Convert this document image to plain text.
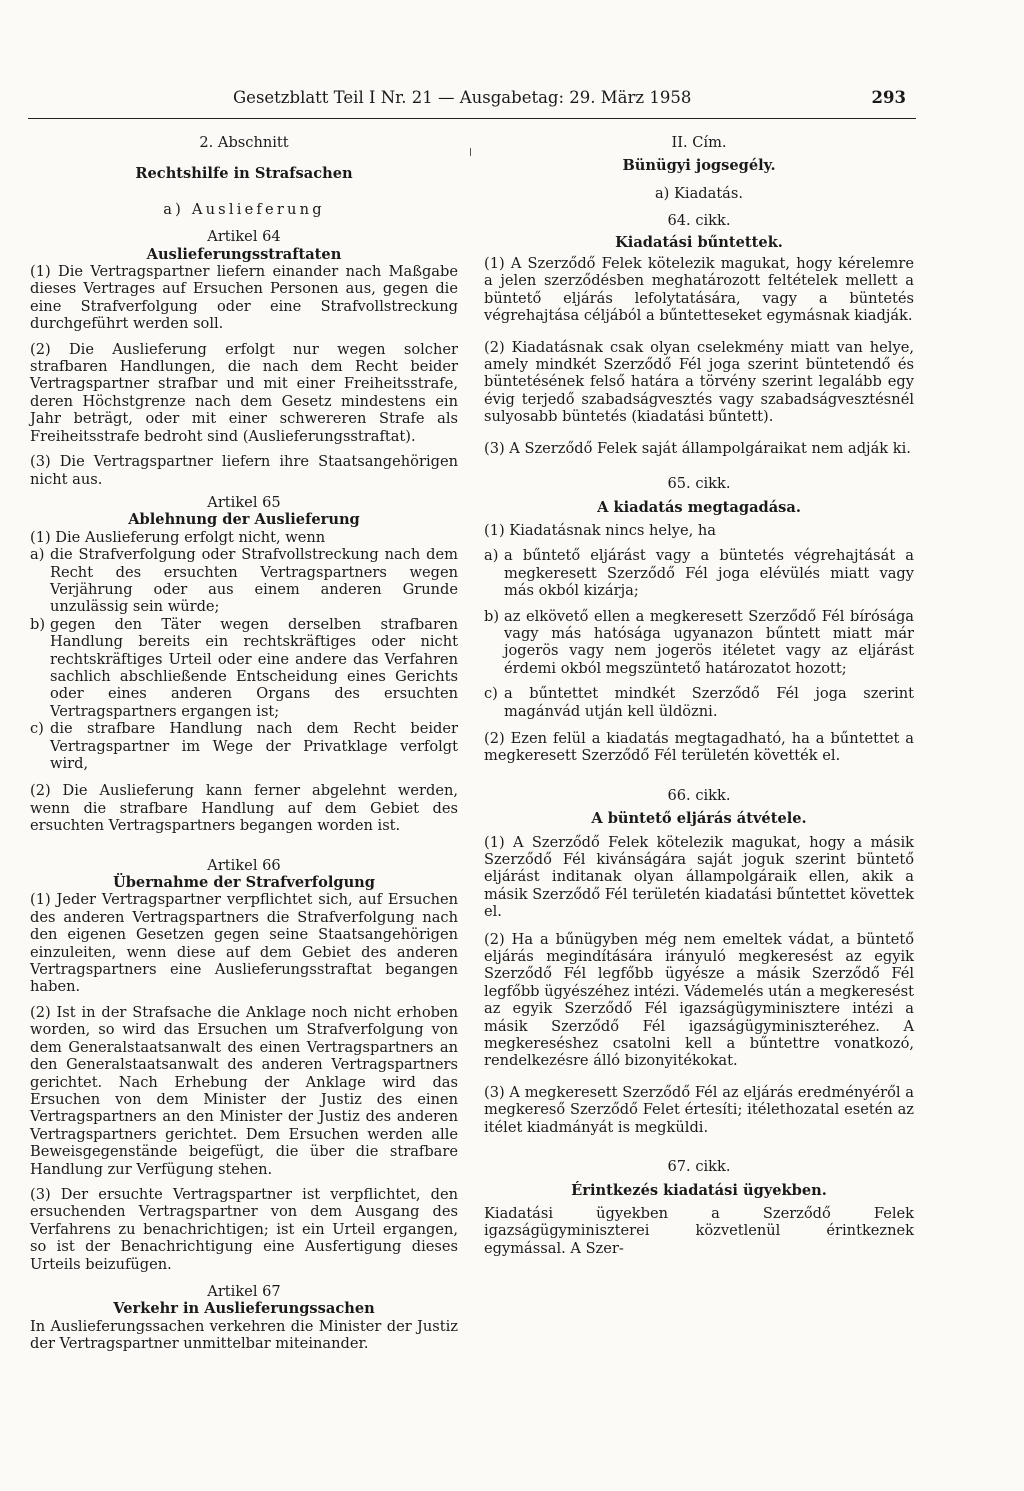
Gesetzblatt Teil I Nr. 21 — Ausgabetag: 29. März 1958	293
2. Abschnitt
Rechtshilfe in Strafsachen
a) Auslieferung
Artikel 64
Auslieferungsstraftaten

(1) Die Vertragspartner liefern einander nach Maßgabe dieses Vertrages auf Ersuchen Personen aus, gegen die eine Strafverfolgung oder eine Strafvollstreckung durchgeführt werden soll.

(2) Die Auslieferung erfolgt nur wegen solcher strafbaren Handlungen, die nach dem Recht beider Vertragspartner strafbar und mit einer Freiheitsstrafe, deren Höchstgrenze nach dem Gesetz mindestens ein Jahr beträgt, oder mit einer schwereren Strafe als Freiheitsstrafe bedroht sind (Auslieferungsstraftat).

(3) Die Vertragspartner liefern ihre Staatsangehörigen nicht aus.

Artikel 65
Ablehnung der Auslieferung

(1) Die Auslieferung erfolgt nicht, wenn

a) die Strafverfolgung oder Strafvollstreckung nach dem Recht des ersuchten Vertragspartners wegen Verjährung oder aus einem anderen Grunde unzulässig sein würde;
b) gegen den Täter wegen derselben strafbaren Handlung bereits ein rechtskräftiges oder nicht rechtskräftiges Urteil oder eine andere das Verfahren sachlich abschließende Entscheidung eines Gerichts oder eines anderen Organs des ersuchten Vertragspartners ergangen ist;
c) die strafbare Handlung nach dem Recht beider Vertragspartner im Wege der Privatklage verfolgt wird,

(2) Die Auslieferung kann ferner abgelehnt werden, wenn die strafbare Handlung auf dem Gebiet des ersuchten Vertragspartners begangen worden ist.

Artikel 66
Übernahme der Strafverfolgung

(1) Jeder Vertragspartner verpflichtet sich, auf Ersuchen des anderen Vertragspartners die Strafverfolgung nach den eigenen Gesetzen gegen seine Staatsangehörigen einzuleiten, wenn diese auf dem Gebiet des anderen Vertragspartners eine Auslieferungsstraftat begangen haben.

(2) Ist in der Strafsache die Anklage noch nicht erhoben worden, so wird das Ersuchen um Strafverfolgung von dem Generalstaatsanwalt des einen Vertragspartners an den Generalstaatsanwalt des anderen Vertragspartners gerichtet. Nach Erhebung der Anklage wird das Ersuchen von dem Minister der Justiz des einen Vertragspartners an den Minister der Justiz des anderen Vertragspartners gerichtet. Dem Ersuchen werden alle Beweisgegenstände beigefügt, die über die strafbare Handlung zur Verfügung stehen.

(3) Der ersuchte Vertragspartner ist verpflichtet, den ersuchenden Vertragspartner von dem Ausgang des Verfahrens zu benachrichtigen; ist ein Urteil ergangen, so ist der Benachrichtigung eine Ausfertigung dieses Urteils beizufügen.

Artikel 67
Verkehr in Auslieferungssachen

In Auslieferungssachen verkehren die Minister der Justiz der Vertragspartner unmittelbar miteinander.

II. Cím.
Bünügyi jogsegély.
a) Kiadatás.
64. cikk.
Kiadatási bűntettek.

(1) A Szerződő Felek kötelezik magukat, hogy kérelemre a jelen szerződésben meghatározott feltételek mellett a büntető eljárás lefolytatására, vagy a büntetés végrehajtása céljából a bűntetteseket egymásnak kiadják.

(2) Kiadatásnak csak olyan cselekmény miatt van helye, amely mindkét Szerződő Fél joga szerint büntetendő és büntetésének felső határa a törvény szerint legalább egy évig terjedő szabadságvesztés vagy szabadságvesztésnél sulyosabb büntetés (kiadatási bűntett).

(3) A Szerződő Felek saját állampolgáraikat nem adják ki.

65. cikk.
A kiadatás megtagadása.

(1) Kiadatásnak nincs helye, ha

a) a bűntető eljárást vagy a büntetés végrehajtását a megkeresett Szerződő Fél joga elévülés miatt vagy más okból kizárja;
b) az elkövető ellen a megkeresett Szerződő Fél bírósága vagy más hatósága ugyanazon bűntett miatt már jogerös vagy nem jogerös itéletet vagy az eljárást érdemi okból megszüntető határozatot hozott;
c) a bűntettet mindkét Szerződő Fél joga szerint magánvád utján kell üldözni.

(2) Ezen felül a kiadatás megtagadható, ha a bűntettet a megkeresett Szerződő Fél területén követték el.

66. cikk.
A büntető eljárás átvétele.

(1) A Szerződő Felek kötelezik magukat, hogy a másik Szerződő Fél kivánságára saját joguk szerint büntető eljárást inditanak olyan állampolgáraik ellen, akik a másik Szerződő Fél területén kiadatási bűntettet követtek el.

(2) Ha a bűnügyben még nem emeltek vádat, a büntető eljárás megindítására irányuló megkeresést az egyik Szerződő Fél legfőbb ügyésze a másik Szerződő Fél legfőbb ügyészéhez intézi. Vádemelés után a megkeresést az egyik Szerződő Fél igazságügyminisztere intézi a másik Szerződő Fél igazságügyminiszteréhez. A megkereséshez csatolni kell a bűntettre vonatkozó, rendelkezésre álló bizonyitékokat.

(3) A megkeresett Szerződő Fél az eljárás eredményéről a megkereső Szerződő Felet értesíti; itélethozatal esetén az itélet kiadmányát is megküldi.

67. cikk.
Érintkezés kiadatási ügyekben.

Kiadatási ügyekben a Szerződő Felek igazságügyminiszterei közvetlenül érintkeznek egymással. A Szer-
